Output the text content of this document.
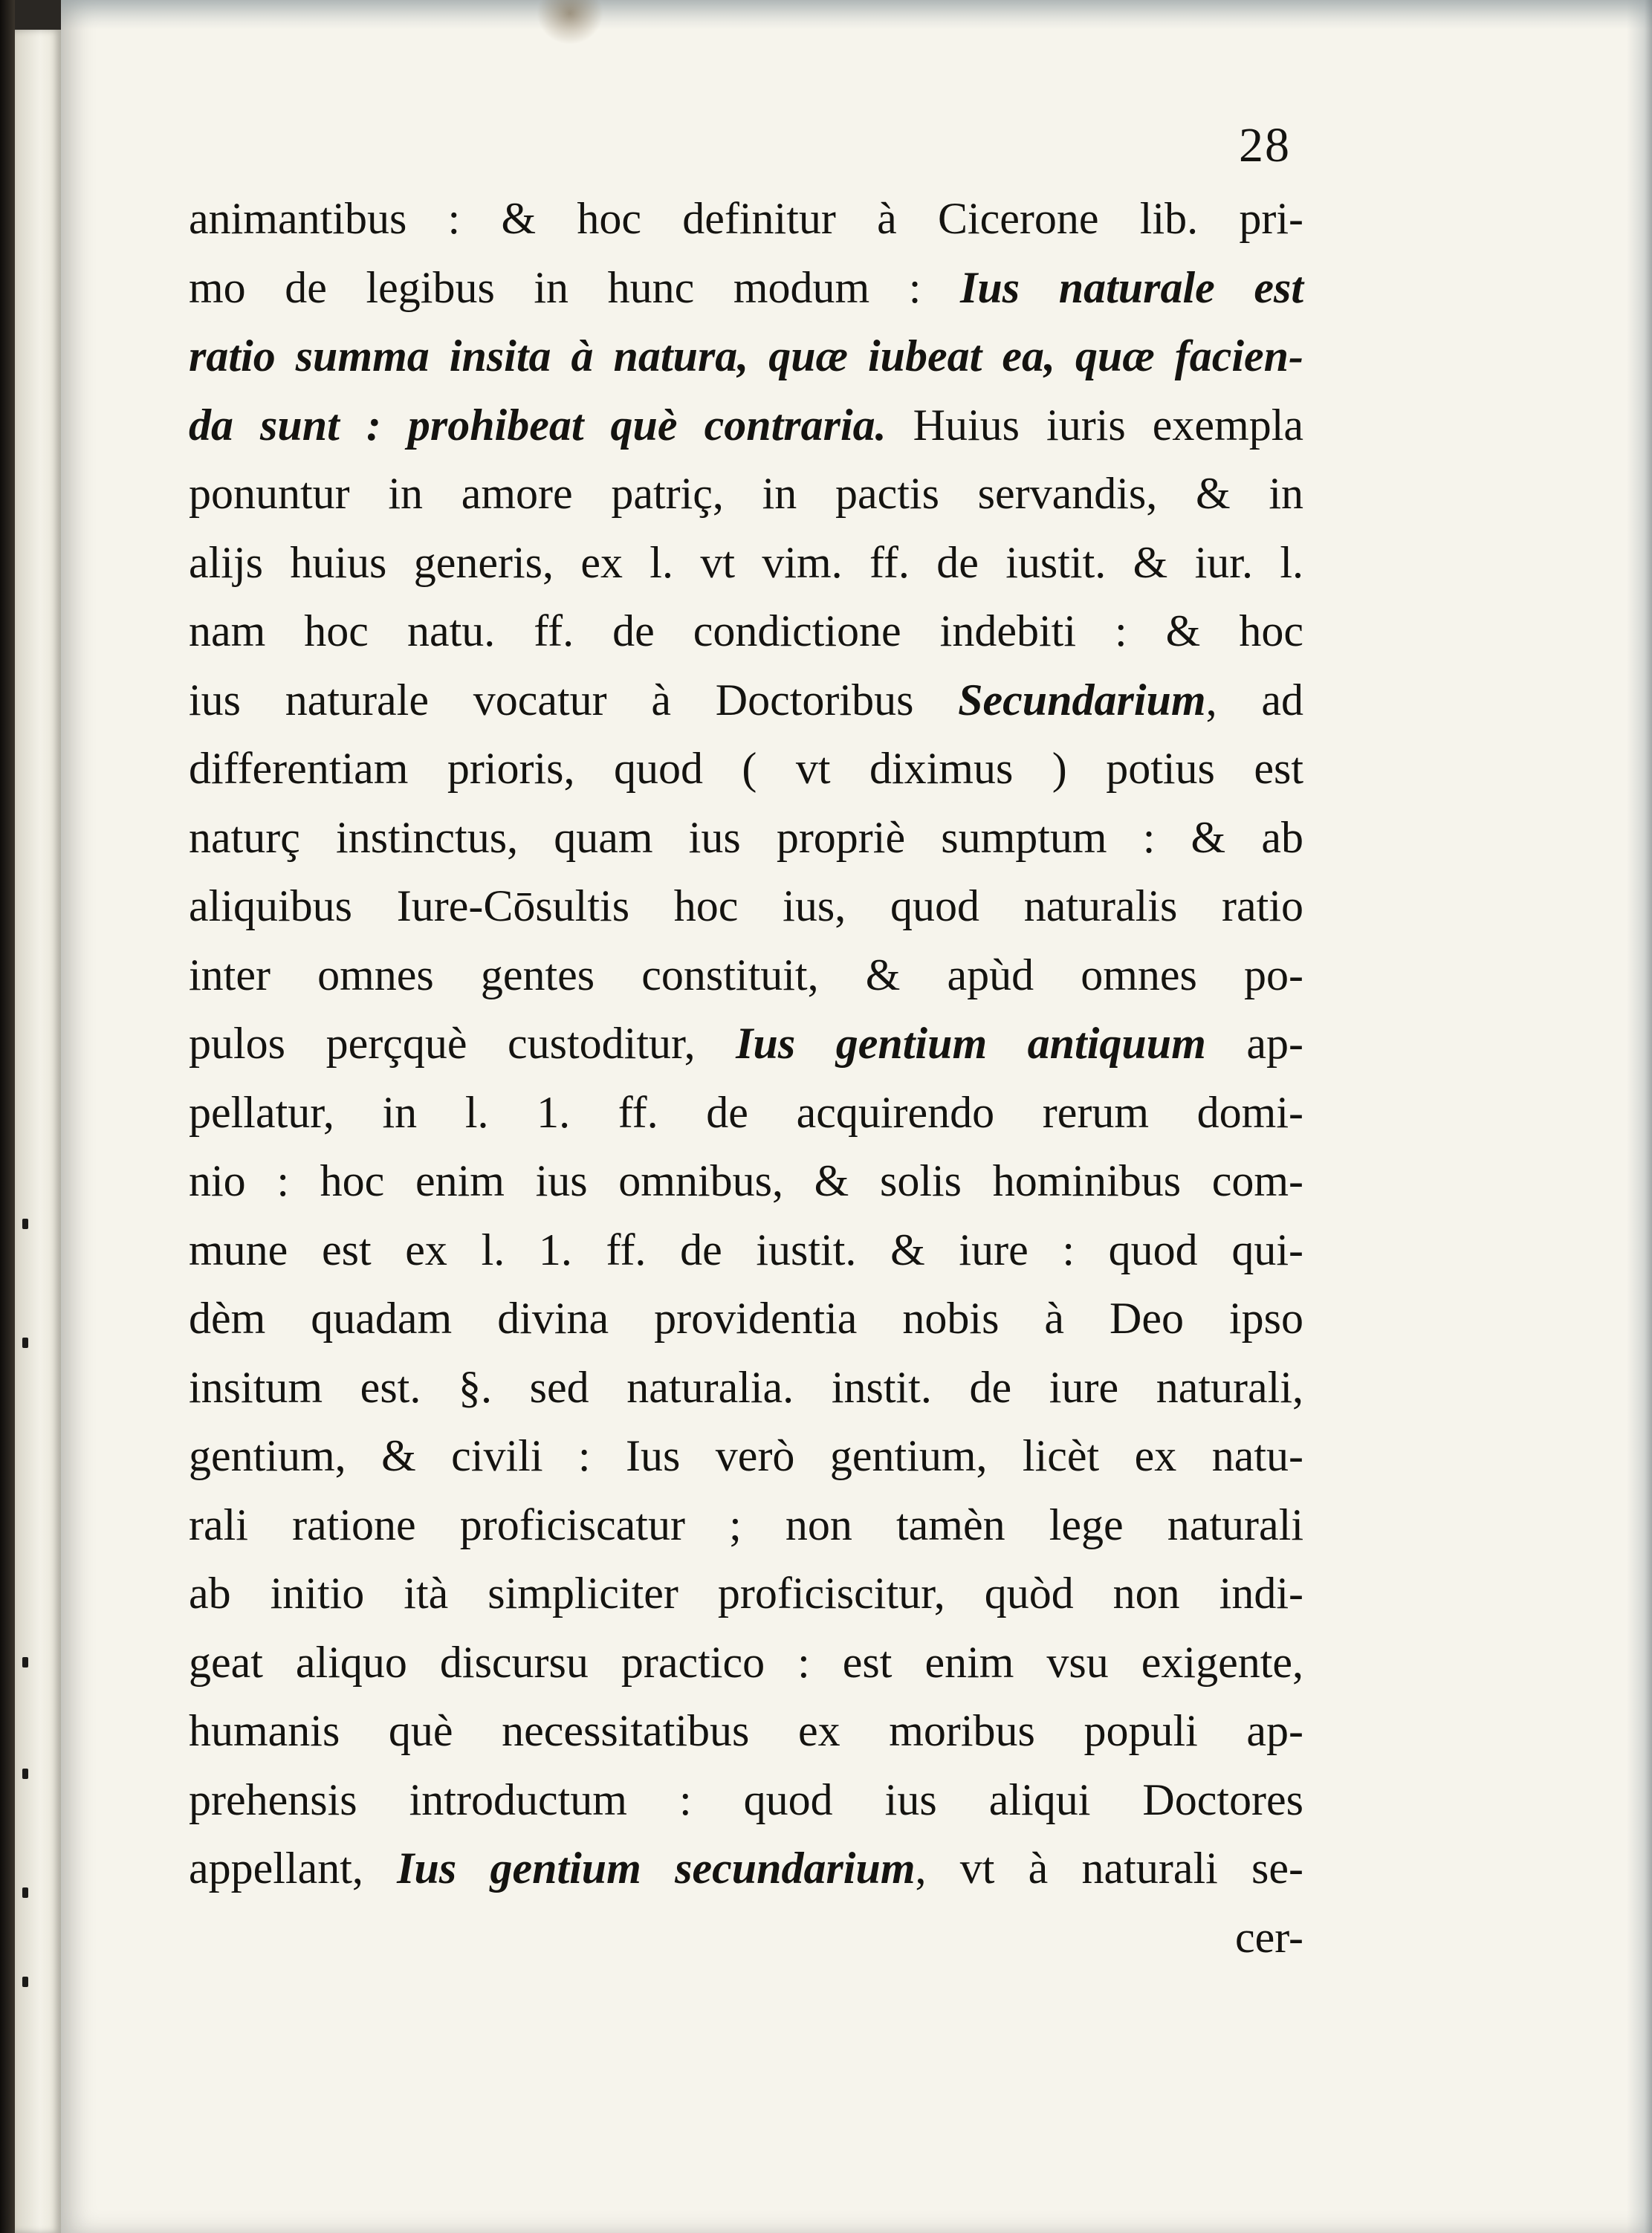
28
animantibus : & hoc definitur à Cicerone lib. pri-
mo de legibus in hunc modum : Ius naturale est
ratio summa insita à natura, quæ iubeat ea, quæ facien-
da sunt : prohibeat què contraria. Huius iuris exempla
ponuntur in amore patriç, in pactis servandis, & in
alijs huius generis, ex l. vt vim. ff. de iustit. & iur. l.
nam hoc natu. ff. de condictione indebiti : & hoc
ius naturale vocatur à Doctoribus Secundarium, ad
differentiam prioris, quod ( vt diximus ) potius est
naturç instinctus, quam ius propriè sumptum : & ab
aliquibus Iure-Cōsultis hoc ius, quod naturalis ratio
inter omnes gentes constituit, & apùd omnes po-
pulos perçquè custoditur, Ius gentium antiquum ap-
pellatur, in l. 1. ff. de acquirendo rerum domi-
nio : hoc enim ius omnibus, & solis hominibus com-
mune est ex l. 1. ff. de iustit. & iure : quod qui-
dèm quadam divina providentia nobis à Deo ipso
insitum est. §. sed naturalia. instit. de iure naturali,
gentium, & civili : Ius verò gentium, licèt ex natu-
rali ratione proficiscatur ; non tamèn lege naturali
ab initio ità simpliciter proficiscitur, quòd non indi-
geat aliquo discursu practico : est enim vsu exigente,
humanis què necessitatibus ex moribus populi ap-
prehensis introductum : quod ius aliqui Doctores
appellant, Ius gentium secundarium, vt à naturali se-
cer-
